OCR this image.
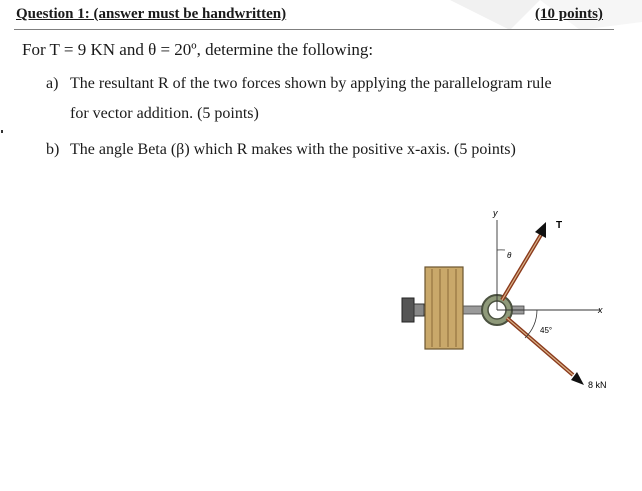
Question 1: (answer must be handwritten)	(10 points)
For T = 9 KN and θ = 20º, determine the following:
a) The resultant R of the two forces shown by applying the parallelogram rule
for vector addition. (5 points)
b) The angle Beta (β) which R makes with the positive x-axis. (5 points)
y
x
θ
T
45°
8 kN
